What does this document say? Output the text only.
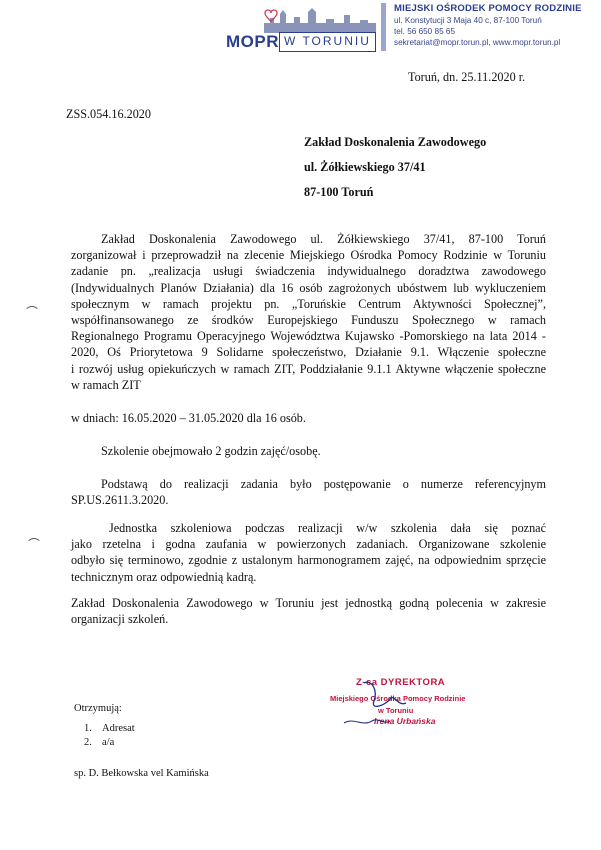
MOPR W TORUNIU
MIEJSKI OŚRODEK POMOCY RODZINIE
ul. Konstytucji 3 Maja 40 c, 87-100 Toruń
tel. 56 650 85 65
sekretariat@mopr.torun.pl, www.mopr.torun.pl
Toruń, dn. 25.11.2020 r.
ZSS.054.16.2020
Zakład Doskonalenia Zawodowego
ul. Żółkiewskiego 37/41
87-100 Toruń
Zakład Doskonalenia Zawodowego ul. Żółkiewskiego 37/41, 87-100 Toruń
zorganizował i przeprowadził na zlecenie Miejskiego Ośrodka Pomocy Rodzinie w Toruniu
zadanie pn. „realizacja usługi świadczenia indywidualnego doradztwa zawodowego
(Indywidualnych Planów Działania) dla 16 osób zagrożonych ubóstwem lub wykluczeniem
społecznym w ramach projektu pn. „Toruńskie Centrum Aktywności Społecznej”,
współfinansowanego ze środków Europejskiego Funduszu Społecznego w ramach
Regionalnego Programu Operacyjnego Województwa Kujawsko -Pomorskiego na lata 2014 -
2020, Oś Priorytetowa 9 Solidarne społeczeństwo, Działanie 9.1. Włączenie społeczne
i rozwój usług opiekuńczych w ramach ZIT, Poddziałanie 9.1.1 Aktywne włączenie społeczne
w ramach ZIT
w dniach: 16.05.2020 – 31.05.2020 dla 16 osób.
Szkolenie obejmowało 2 godzin zajęć/osobę.
Podstawą do realizacji zadania było postępowanie o numerze referencyjnym
SP.US.2611.3.2020.
Jednostka szkoleniowa podczas realizacji w/w szkolenia dała się poznać
jako rzetelna i godna zaufania w powierzonych zadaniach. Organizowane szkolenie
odbyło się terminowo, zgodnie z ustalonym harmonogramem zajęć, na odpowiednim sprzęcie
technicznym oraz odpowiednią kadrą.
Zakład Doskonalenia Zawodowego w Toruniu jest jednostką godną polecenia w zakresie
organizacji szkoleń.
Z-ca DYREKTORA
Miejskiego Ośrodka Pomocy Rodzinie
w Toruniu
Irena Urbańska
Otrzymują:
1. Adresat
2. a/a
sp. D. Bełkowska vel Kamińska
